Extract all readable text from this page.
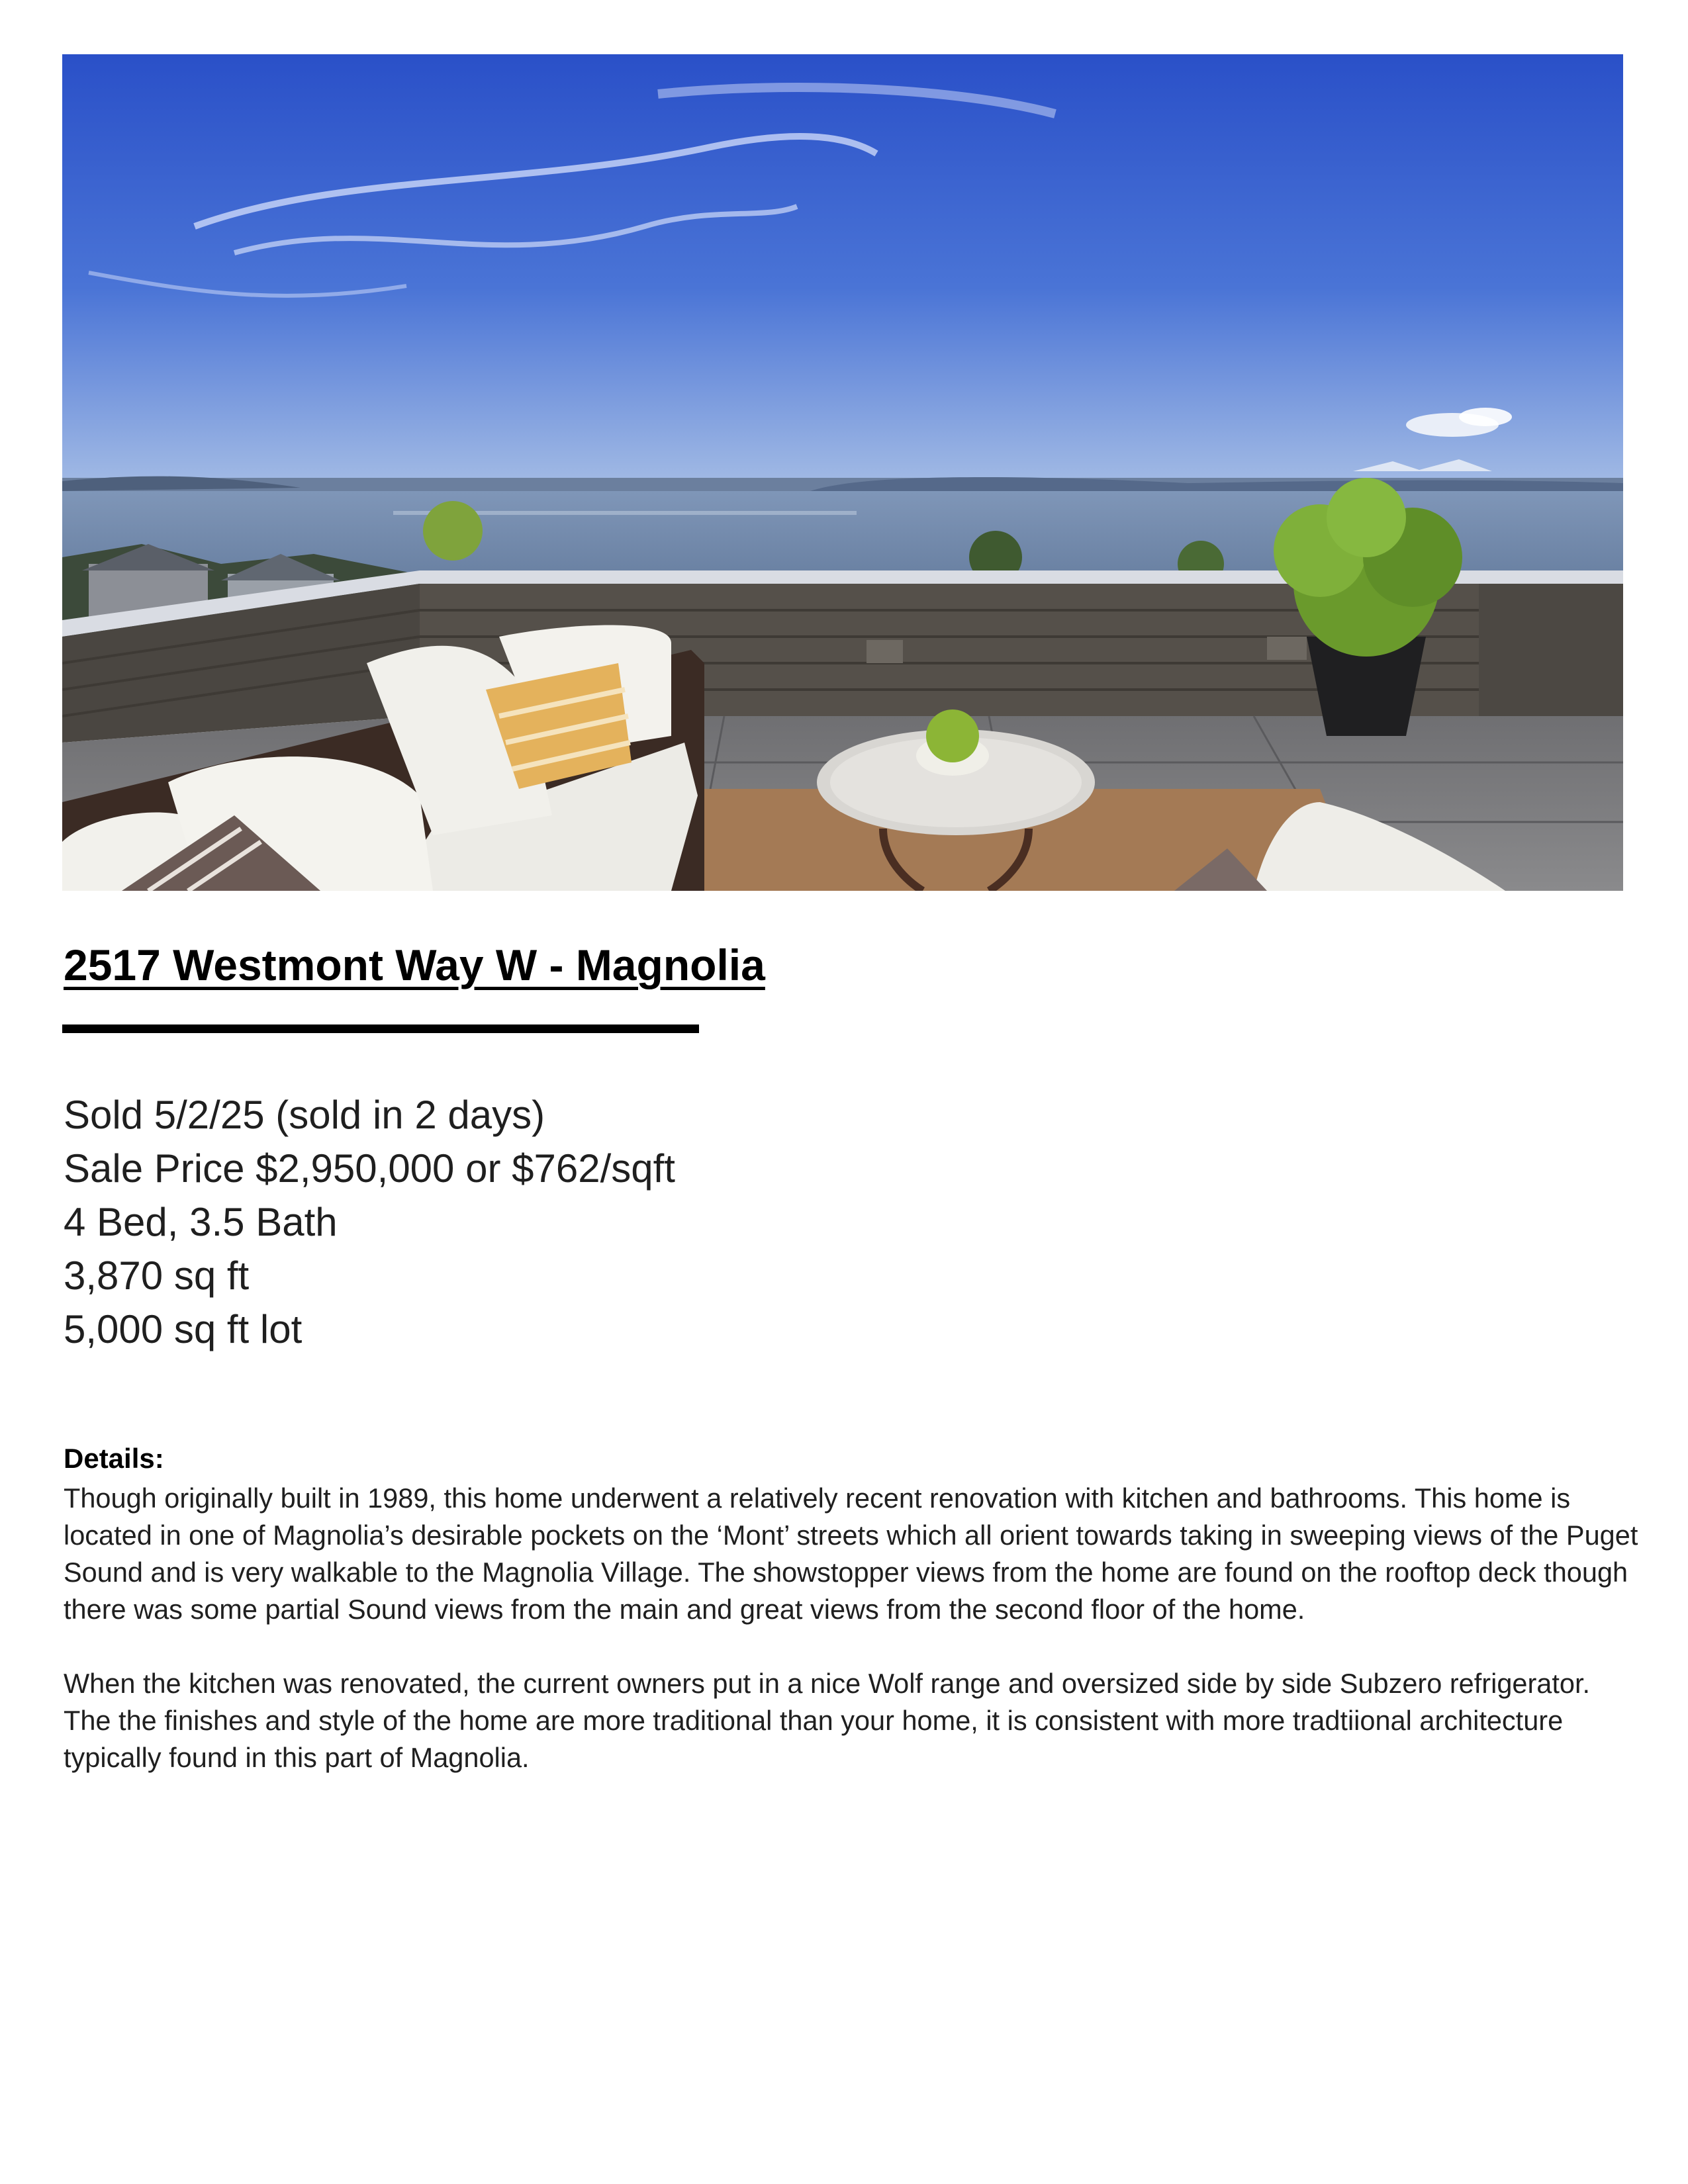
2517 Westmont Way W - Magnolia
Sold 5/2/25 (sold in 2 days)
Sale Price $2,950,000 or $762/sqft
4 Bed, 3.5 Bath
3,870 sq ft
5,000 sq ft lot
Details:

Though originally built in 1989, this home underwent a relatively recent renovation with kitchen and bathrooms. This home is located in one of Magnolia’s desirable pockets on the ‘Mont’ streets which all orient towards taking in sweeping views of the Puget Sound and is very walkable to the Magnolia Village. The showstopper views from the home are found on the rooftop deck though there was some partial Sound views from the main and great views from the second floor of the home.

When the kitchen was renovated, the current owners put in a nice Wolf range and oversized side by side Subzero refrigerator. The the finishes and style of the home are more traditional than your home, it is consistent with more tradtiional architecture typically found in this part of Magnolia.
